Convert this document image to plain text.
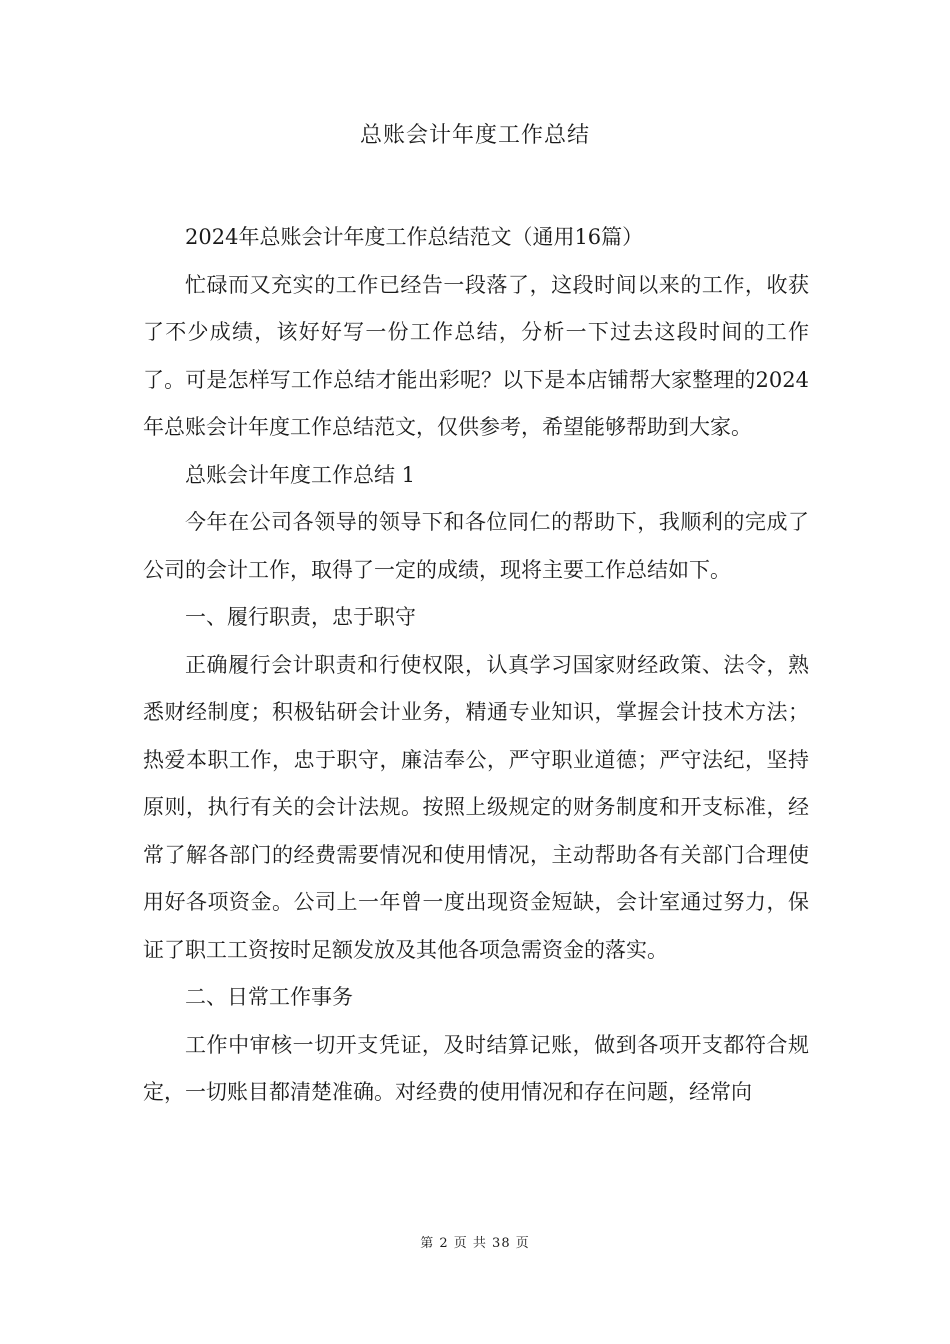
总账会计年度工作总结

2024年总账会计年度工作总结范文（通用16篇）

忙碌而又充实的工作已经告一段落了，这段时间以来的工作，收获了不少成绩，该好好写一份工作总结，分析一下过去这段时间的工作了。可是怎样写工作总结才能出彩呢？以下是本店铺帮大家整理的2024年总账会计年度工作总结范文，仅供参考，希望能够帮助到大家。

总账会计年度工作总结 1

今年在公司各领导的领导下和各位同仁的帮助下，我顺利的完成了公司的会计工作，取得了一定的成绩，现将主要工作总结如下。

一、履行职责，忠于职守

正确履行会计职责和行使权限，认真学习国家财经政策、法令，熟悉财经制度；积极钻研会计业务，精通专业知识，掌握会计技术方法；热爱本职工作，忠于职守，廉洁奉公，严守职业道德；严守法纪，坚持原则，执行有关的会计法规。按照上级规定的财务制度和开支标准，经常了解各部门的经费需要情况和使用情况，主动帮助各有关部门合理使用好各项资金。公司上一年曾一度出现资金短缺，会计室通过努力，保证了职工工资按时足额发放及其他各项急需资金的落实。

二、日常工作事务

工作中审核一切开支凭证，及时结算记账，做到各项开支都符合规定，一切账目都清楚准确。对经费的使用情况和存在问题，经常向

第 2 页 共 38 页
